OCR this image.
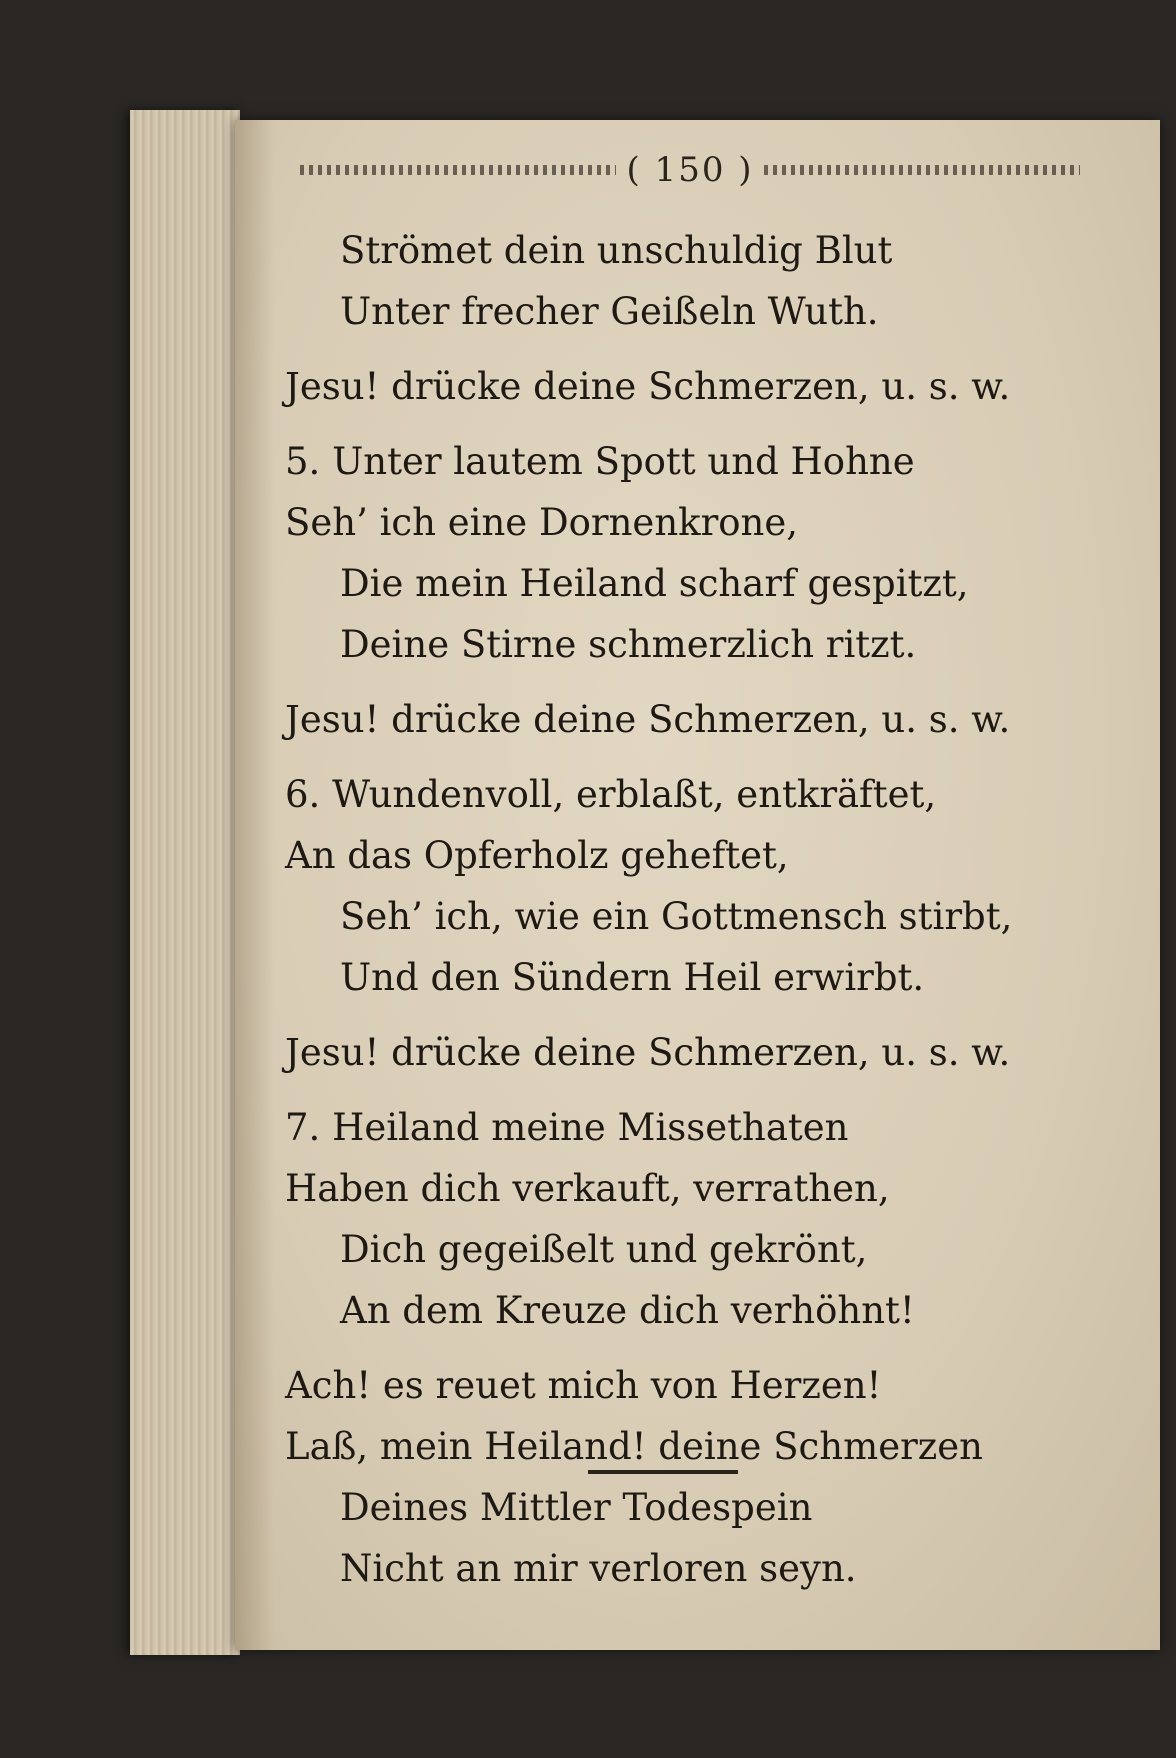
( 150 )
Strömet dein unschuldig Blut
Unter frecher Geißeln Wuth.
Jesu! drücke deine Schmerzen, u. s. w.
5. Unter lautem Spott und Hohne
Seh’ ich eine Dornenkrone,
Die mein Heiland scharf gespitzt,
Deine Stirne schmerzlich ritzt.
Jesu! drücke deine Schmerzen, u. s. w.
6. Wundenvoll, erblaßt, entkräftet,
An das Opferholz geheftet,
Seh’ ich, wie ein Gottmensch stirbt,
Und den Sündern Heil erwirbt.
Jesu! drücke deine Schmerzen, u. s. w.
7. Heiland meine Missethaten
Haben dich verkauft, verrathen,
Dich gegeißelt und gekrönt,
An dem Kreuze dich verhöhnt!
Ach! es reuet mich von Herzen!
Laß, mein Heiland! deine Schmerzen
Deines Mittler Todespein
Nicht an mir verloren seyn.
